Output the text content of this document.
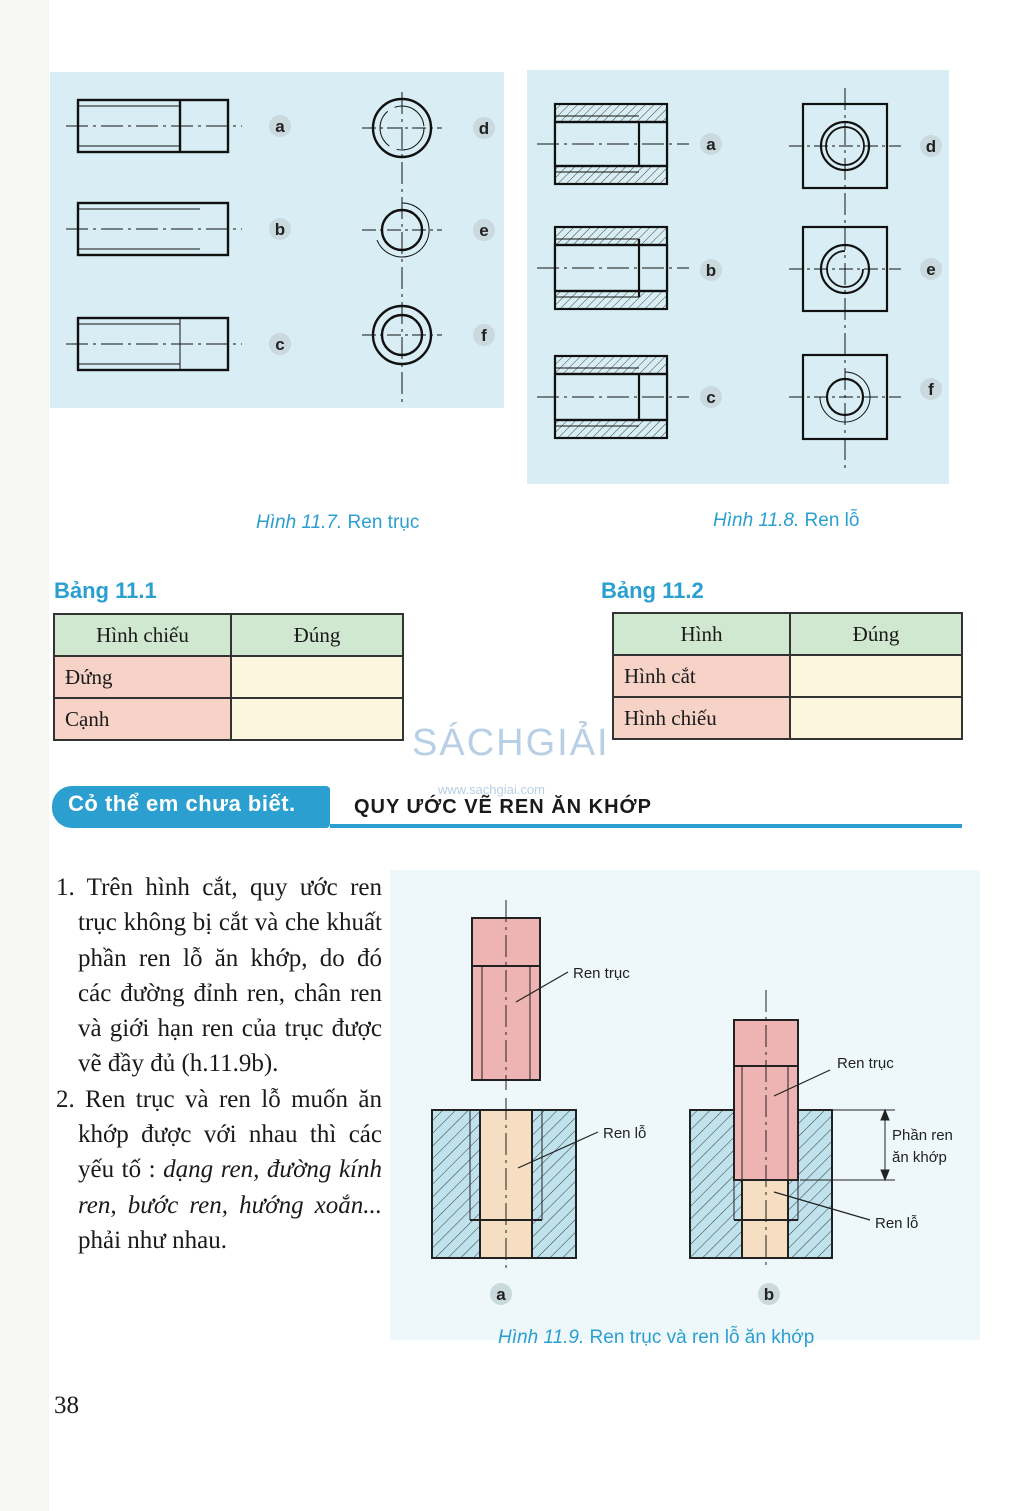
a
b
c
d
e
f
Hình 11.7. Ren trục
a
b
c
d
e
f
Hình 11.8. Ren lỗ
Bảng 11.1
Hình chiếu	Đúng
Đứng	
Cạnh	
Bảng 11.2
Hình	Đúng
Hình cắt	
Hình chiếu	
SÁCHGIẢI
www.sachgiai.com
Cỏ thể em chưa biết.	QUY ƯỚC VẼ REN ĂN KHỚP

1. Trên hình cắt, quy ước ren trục không bị cắt và che khuất phần ren lỗ ăn khớp, do đó các đường đỉnh ren, chân ren và giới hạn ren của trục được vẽ đầy đủ (h.11.9b).

2. Ren trục và ren lỗ muốn ăn khớp được với nhau thì các yếu tố : dạng ren, đường kính ren, bước ren, hướng xoắn... phải như nhau.

Ren trục
Ren lỗ
Ren trục
Phần ren
ăn khớp
Ren lỗ
a	b
Hình 11.9. Ren trục và ren lỗ ăn khớp
38
